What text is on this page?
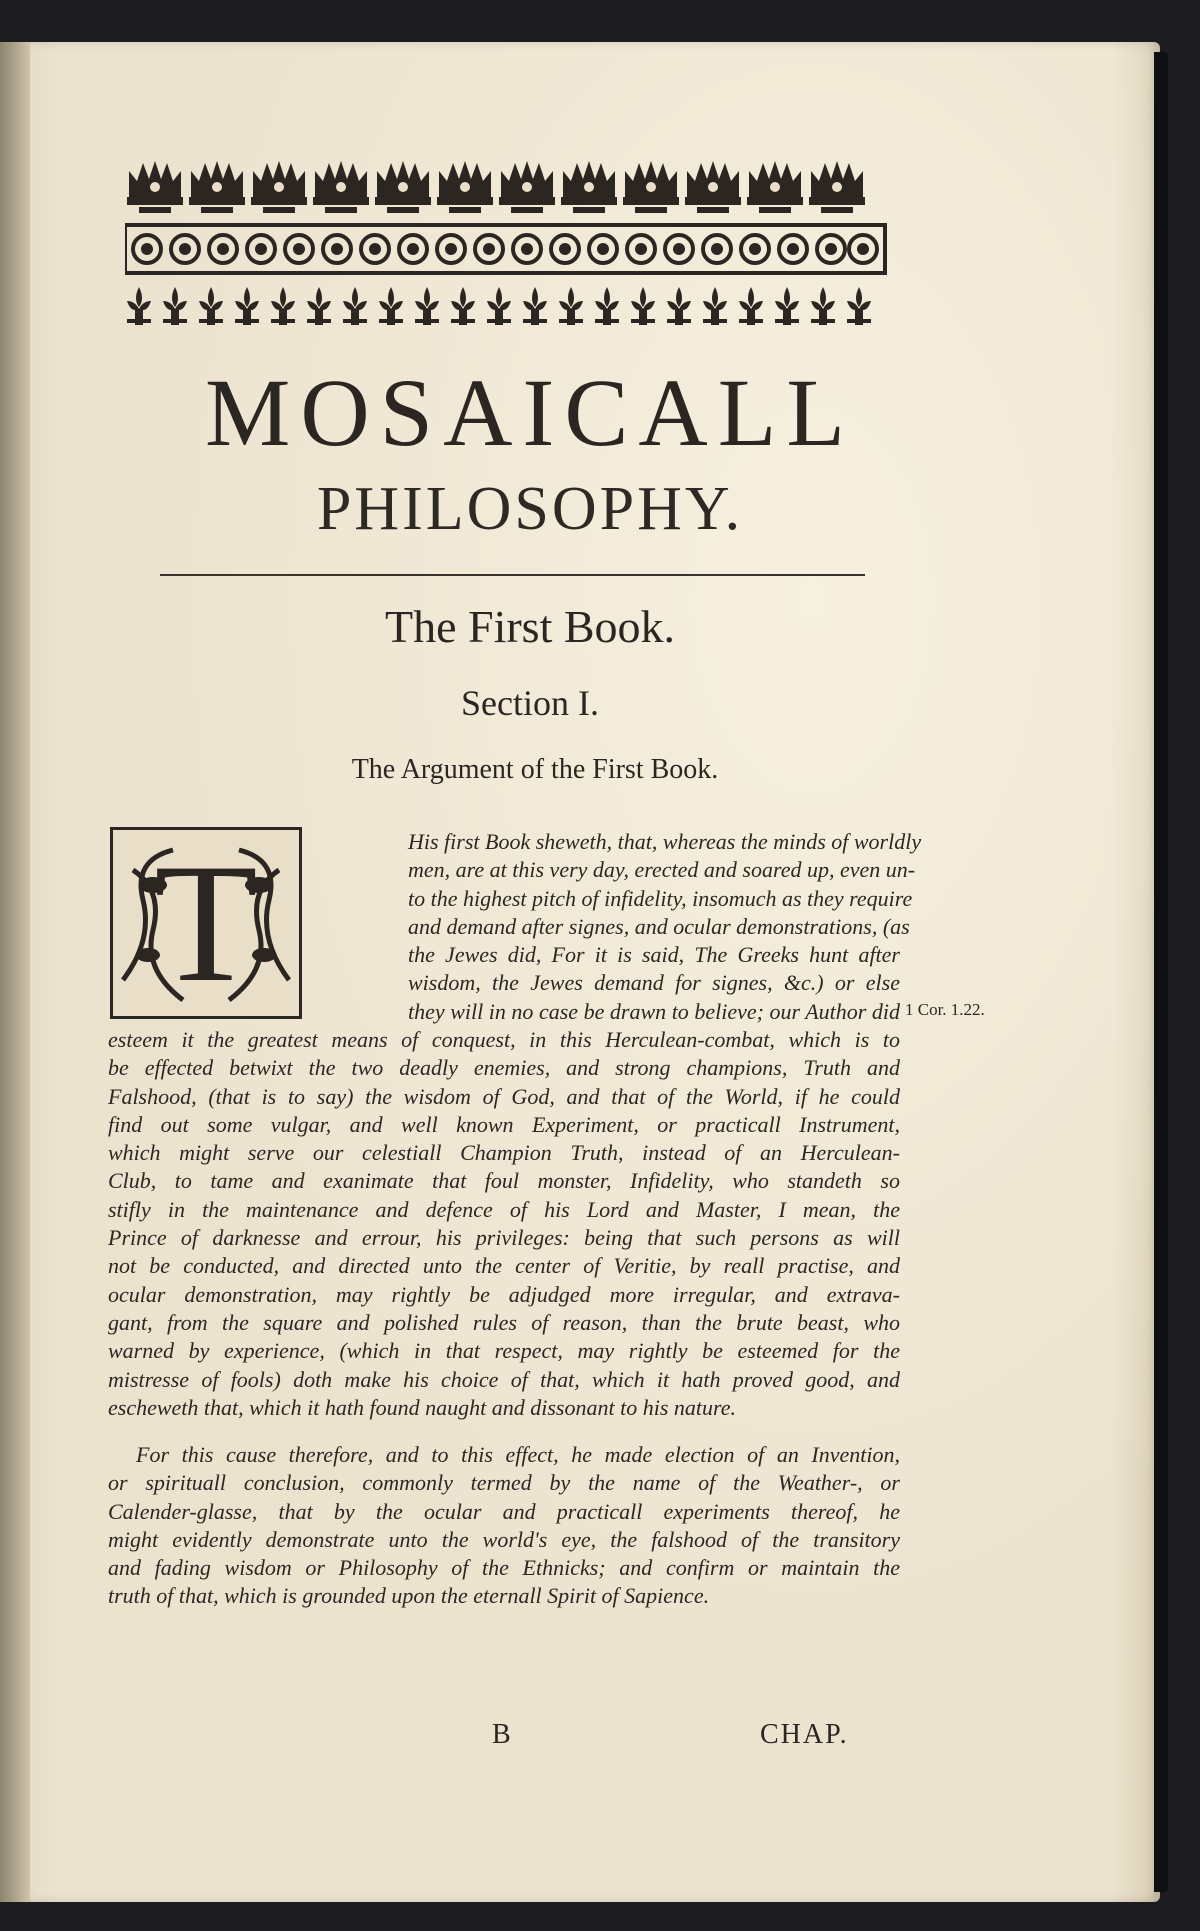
MOSAICALL
PHILOSOPHY.
The First Book.
Section I.
The Argument of the First Book.
T	His first Book sheweth, that, whereas the minds of worldly
men, are at this very day, erected and soared up, even un-
to the highest pitch of infidelity, insomuch as they require
and demand after signes, and ocular demonstrations, (as
the Jewes did, For it is said, The Greeks hunt after
wisdom, the Jewes demand for signes, &c.) or else
they will in no case be drawn to believe; our Author did
esteem it the greatest means of conquest, in this Herculean-combat, which is to
be effected betwixt the two deadly enemies, and strong champions, Truth and
Falshood, (that is to say) the wisdom of God, and that of the World, if he could
find out some vulgar, and well known Experiment, or practicall Instrument,
which might serve our celestiall Champion Truth, instead of an Herculean-
Club, to tame and exanimate that foul monster, Infidelity, who standeth so
stifly in the maintenance and defence of his Lord and Master, I mean, the
Prince of darknesse and errour, his privileges: being that such persons as will
not be conducted, and directed unto the center of Veritie, by reall practise, and
ocular demonstration, may rightly be adjudged more irregular, and extrava-
gant, from the square and polished rules of reason, than the brute beast, who
warned by experience, (which in that respect, may rightly be esteemed for the
mistresse of fools) doth make his choice of that, which it hath proved good, and
escheweth that, which it hath found naught and dissonant to his nature.
For this cause therefore, and to this effect, he made election of an Invention,
or spirituall conclusion, commonly termed by the name of the Weather-, or
Calender-glasse, that by the ocular and practicall experiments thereof, he
might evidently demonstrate unto the world's eye, the falshood of the transitory
and fading wisdom or Philosophy of the Ethnicks; and confirm or maintain the
truth of that, which is grounded upon the eternall Spirit of Sapience.
1 Cor. 1.22.
B	CHAP.
